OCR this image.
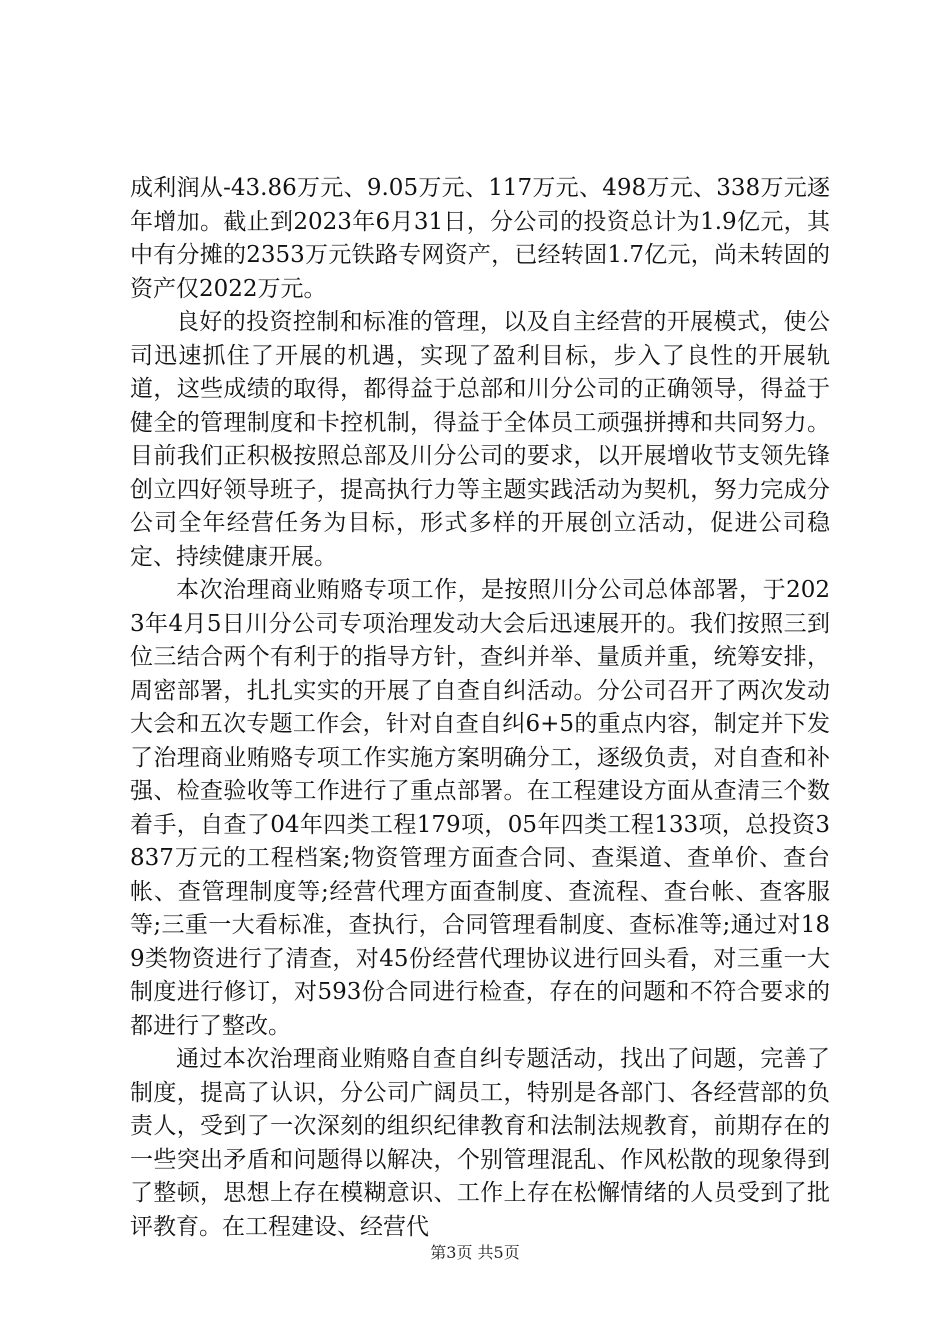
成利润从-43.86万元、9.05万元、117万元、498万元、338万元逐年增加。截止到2023年6月31日，分公司的投资总计为1.9亿元，其中有分摊的2353万元铁路专网资产，已经转固1.7亿元，尚未转固的资产仅2022万元。

良好的投资控制和标准的管理，以及自主经营的开展模式，使公司迅速抓住了开展的机遇，实现了盈利目标，步入了良性的开展轨道，这些成绩的取得，都得益于总部和川分公司的正确领导，得益于健全的管理制度和卡控机制，得益于全体员工顽强拼搏和共同努力。目前我们正积极按照总部及川分公司的要求，以开展增收节支领先锋创立四好领导班子，提高执行力等主题实践活动为契机，努力完成分公司全年经营任务为目标，形式多样的开展创立活动，促进公司稳定、持续健康开展。

本次治理商业贿赂专项工作，是按照川分公司总体部署，于2023年4月5日川分公司专项治理发动大会后迅速展开的。我们按照三到位三结合两个有利于的指导方针，查纠并举、量质并重，统筹安排，周密部署，扎扎实实的开展了自查自纠活动。分公司召开了两次发动大会和五次专题工作会，针对自查自纠6+5的重点内容，制定并下发了治理商业贿赂专项工作实施方案明确分工，逐级负责，对自查和补强、检查验收等工作进行了重点部署。在工程建设方面从查清三个数着手，自查了04年四类工程179项，05年四类工程133项，总投资3837万元的工程档案;物资管理方面查合同、查渠道、查单价、查台帐、查管理制度等;经营代理方面查制度、查流程、查台帐、查客服等;三重一大看标准，查执行，合同管理看制度、查标准等;通过对189类物资进行了清查，对45份经营代理协议进行回头看，对三重一大制度进行修订，对593份合同进行检查，存在的问题和不符合要求的都进行了整改。

通过本次治理商业贿赂自查自纠专题活动，找出了问题，完善了制度，提高了认识，分公司广阔员工，特别是各部门、各经营部的负责人，受到了一次深刻的组织纪律教育和法制法规教育，前期存在的一些突出矛盾和问题得以解决，个别管理混乱、作风松散的现象得到了整顿，思想上存在模糊意识、工作上存在松懈情绪的人员受到了批评教育。在工程建设、经营代

第3页 共5页
